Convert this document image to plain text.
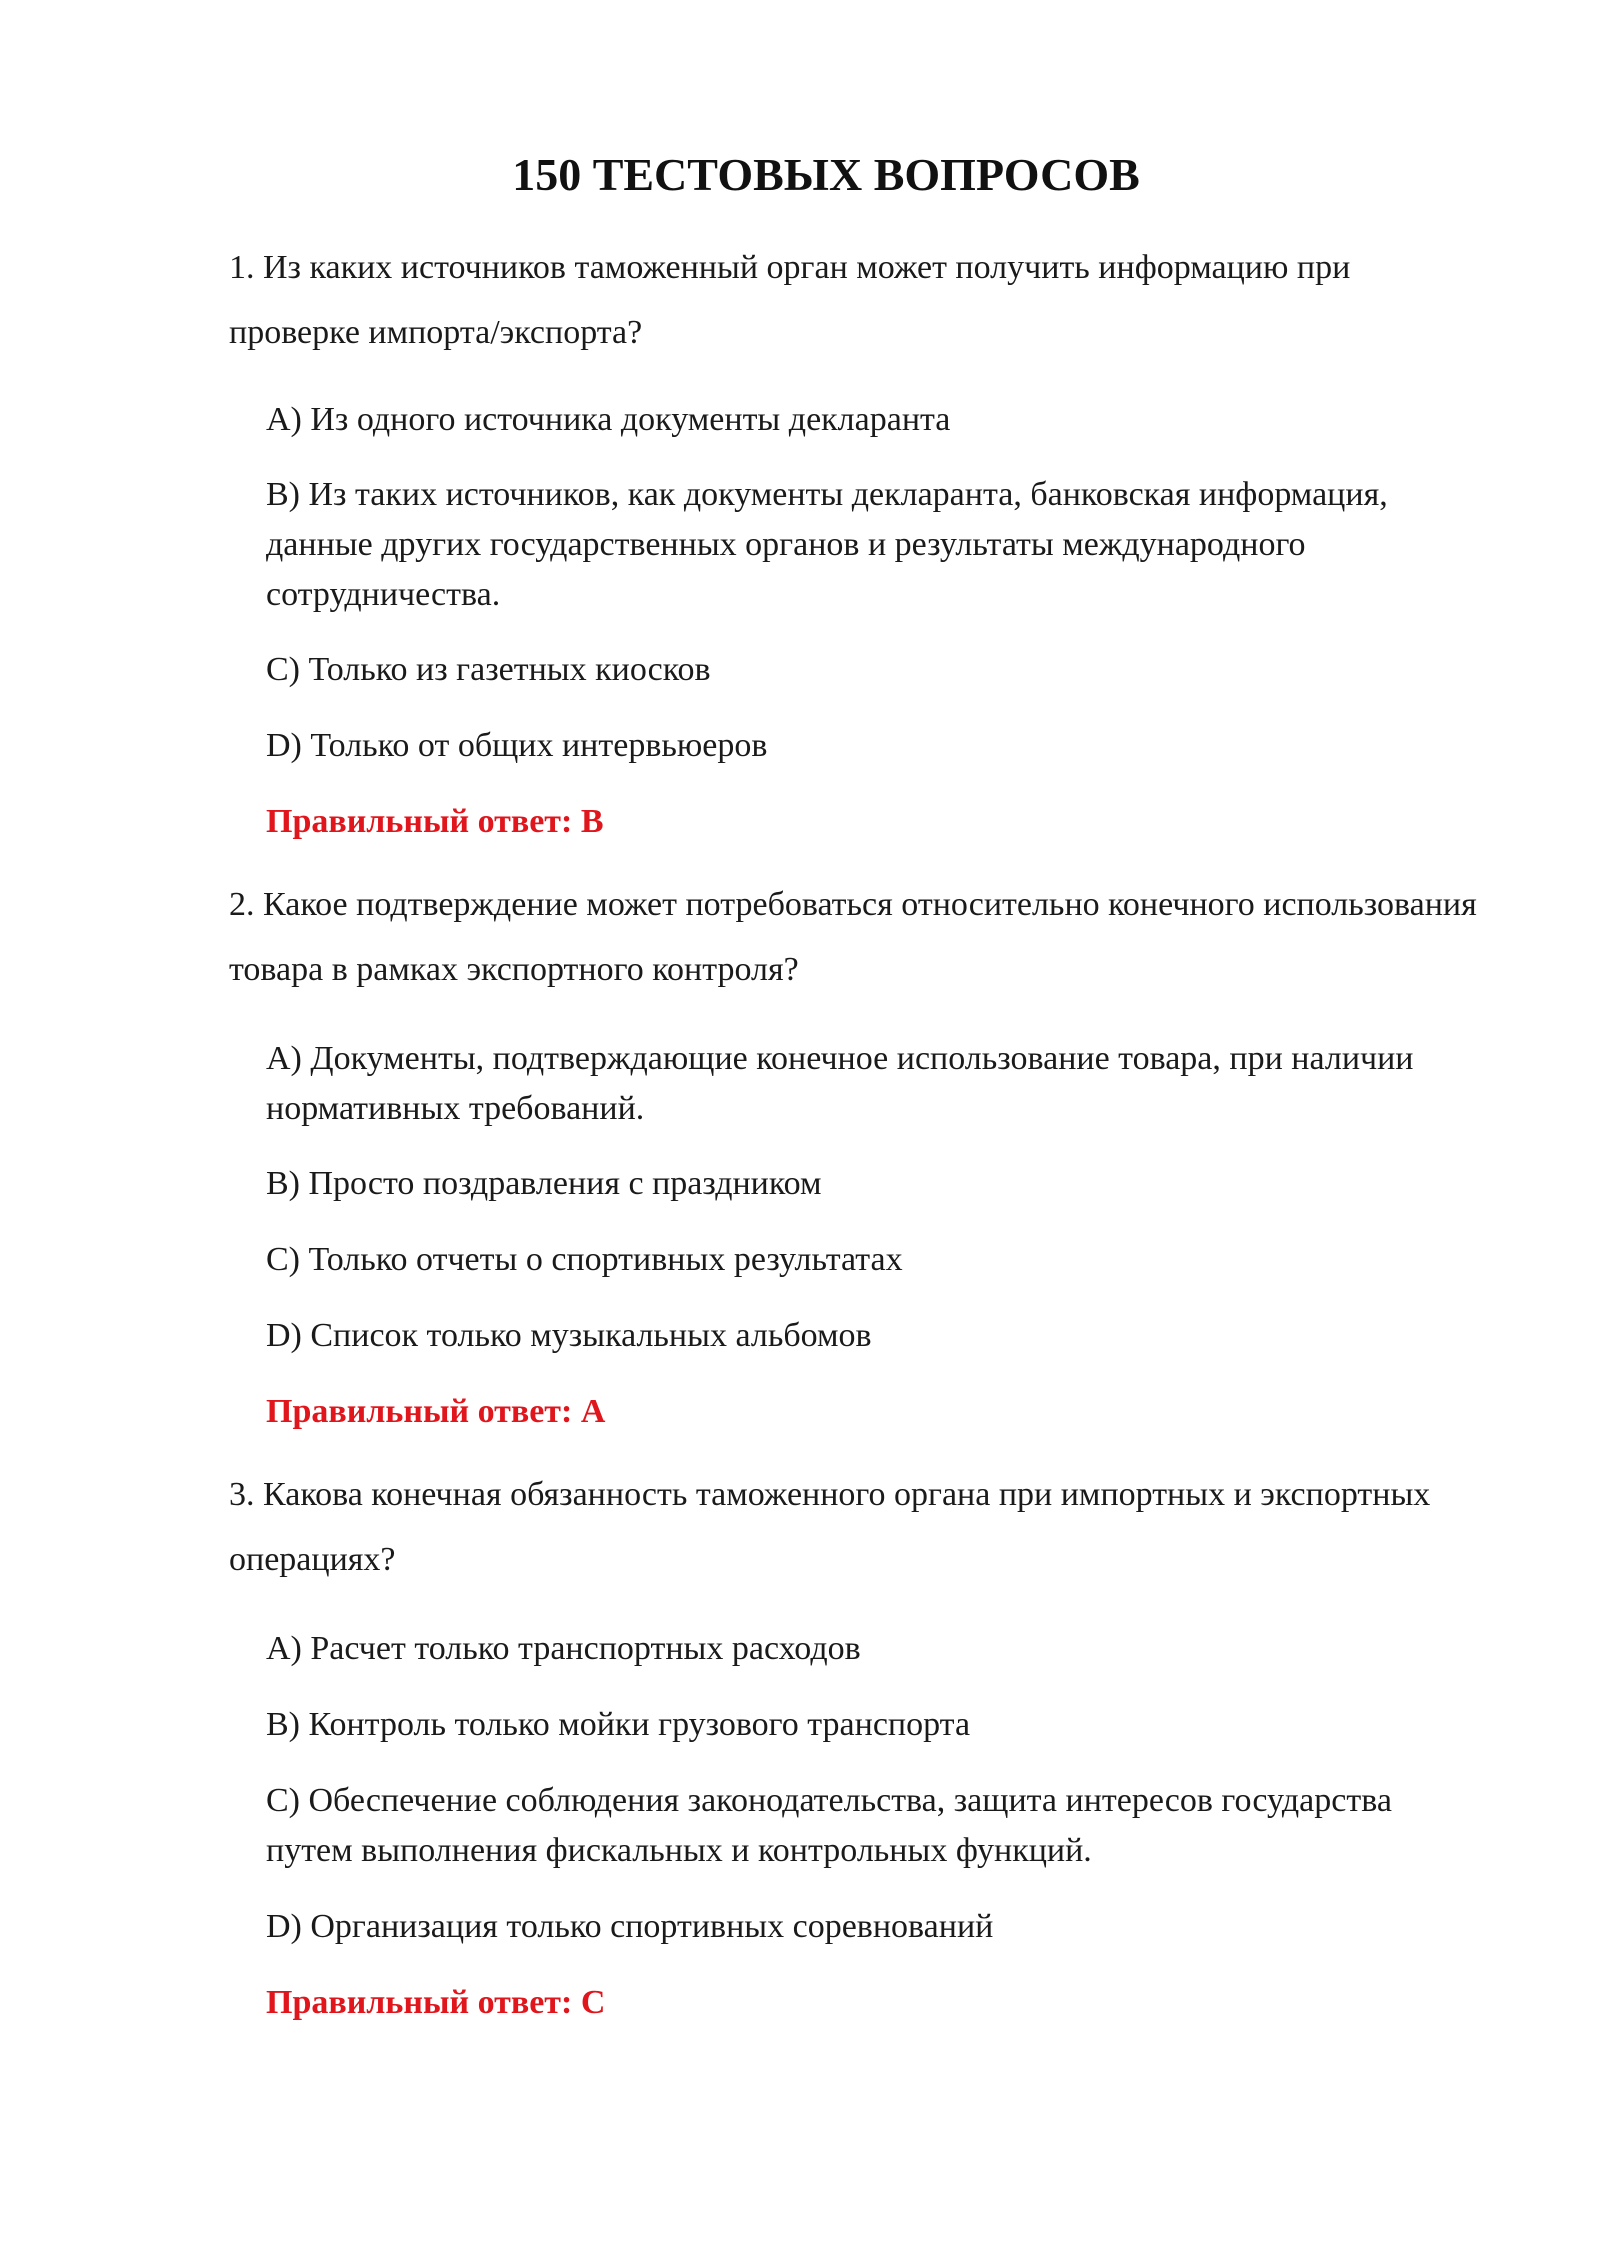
150 ТЕСТОВЫХ ВОПРОСОВ
1. Из каких источников таможенный орган может получить информацию при проверке импорта/экспорта?
A) Из одного источника документы декларанта
B) Из таких источников, как документы декларанта, банковская информация, данные других государственных органов и результаты международного сотрудничества.
C) Только из газетных киосков
D) Только от общих интервьюеров
Правильный ответ: B
2. Какое подтверждение может потребоваться относительно конечного использования товара в рамках экспортного контроля?
A) Документы, подтверждающие конечное использование товара, при наличии нормативных требований.
B) Просто поздравления с праздником
C) Только отчеты о спортивных результатах
D) Список только музыкальных альбомов
Правильный ответ: A
3. Какова конечная обязанность таможенного органа при импортных и экспортных операциях?
A) Расчет только транспортных расходов
B) Контроль только мойки грузового транспорта
C) Обеспечение соблюдения законодательства, защита интересов государства путем выполнения фискальных и контрольных функций.
D) Организация только спортивных соревнований
Правильный ответ: C
